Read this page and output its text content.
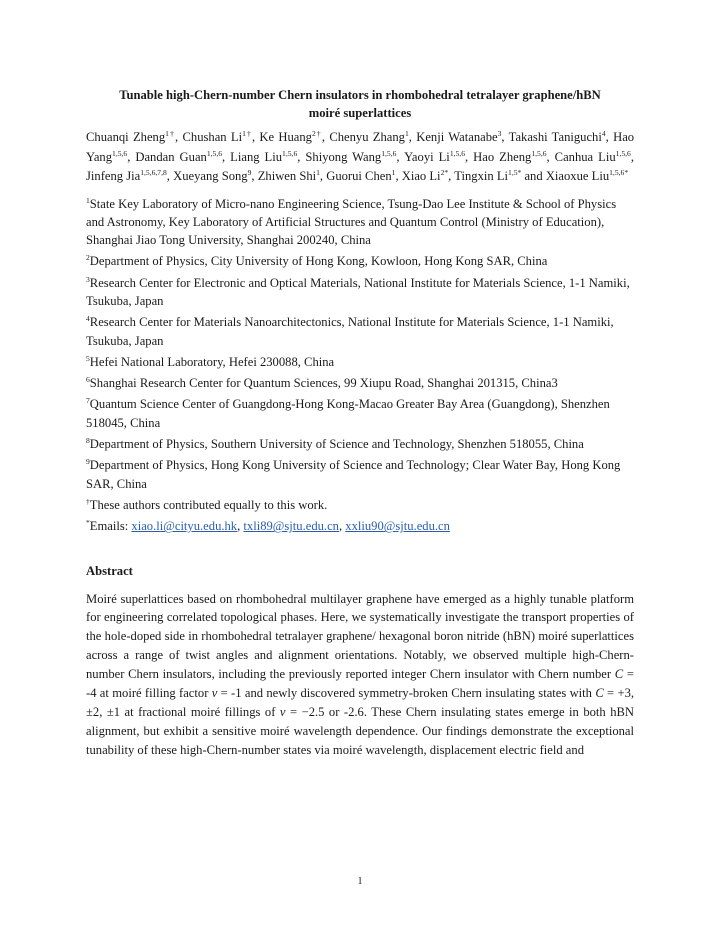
Tunable high-Chern-number Chern insulators in rhombohedral tetralayer graphene/hBN
moiré superlattices
Chuanqi Zheng$^{1\dagger}$, Chushan $Li^{1\dagger}$, Ke Huang$^{2\dagger}$, Chenyu Zhang$^1$, Kenji Watanabe$^3$, Takashi Taniguchi$^4$, Hao Yang$^{1,5,6}$, Dandan Guan$^{1,5,6}$, Liang Liu$^{1,5,6}$, Shiyong Wang$^{1,5,6}$, Yaoyi Li$^{1,5,6}$, Hao Zheng$^{1,5,6}$, Canhua Liu$^{1,5,6}$, Jinfeng Jia$^{1,5,6,7,8}$, Xueyang Song$^9$, Zhiwen Shi$^1$, Guorui Chen$^1$, Xiao $Li^{2*}$, Tingxin $Li^{1,5*}$ and Xiaoxue Liu$^{1,5,6*}$
$^1$State Key Laboratory of Micro-nano Engineering Science, Tsung-Dao Lee Institute & School of Physics and Astronomy, Key Laboratory of Artificial Structures and Quantum Control (Ministry of Education), Shanghai Jiao Tong University, Shanghai 200240, China
$^2$Department of Physics, City University of Hong Kong, Kowloon, Hong Kong SAR, China
$^3$Research Center for Electronic and Optical Materials, National Institute for Materials Science, 1-1 Namiki, Tsukuba, Japan
$^4$Research Center for Materials Nanoarchitectonics, National Institute for Materials Science, 1-1 Namiki, Tsukuba, Japan
$^5$Hefei National Laboratory, Hefei 230088, China
$^6$Shanghai Research Center for Quantum Sciences, 99 Xiupu Road, Shanghai 201315, China3
$^7$Quantum Science Center of Guangdong-Hong Kong-Macao Greater Bay Area (Guangdong), Shenzhen 518045, China
$^8$Department of Physics, Southern University of Science and Technology, Shenzhen 518055, China
$^9$Department of Physics, Hong Kong University of Science and Technology; Clear Water Bay, Hong Kong SAR, China
†These authors contributed equally to this work.
*Emails: xiao.li@cityu.edu.hk, txli89@sjtu.edu.cn, xxliu90@sjtu.edu.cn
Abstract

Moiré superlattices based on rhombohedral multilayer graphene have emerged as a highly tunable platform for engineering correlated topological phases. Here, we systematically investigate the transport properties of the hole-doped side in rhombohedral tetralayer graphene/ hexagonal boron nitride (hBN) moiré superlattices across a range of twist angles and alignment orientations. Notably, we observed multiple high-Chern-number Chern insulators, including the previously reported integer Chern insulator with Chern number C = -4 at moiré filling factor ν = -1 and newly discovered symmetry-broken Chern insulating states with C = +3, ±2, ±1 at fractional moiré fillings of ν = −2.5 or -2.6. These Chern insulating states emerge in both hBN alignment, but exhibit a sensitive moiré wavelength dependence. Our findings demonstrate the exceptional tunability of these high-Chern-number states via moiré wavelength, displacement electric field and

1
